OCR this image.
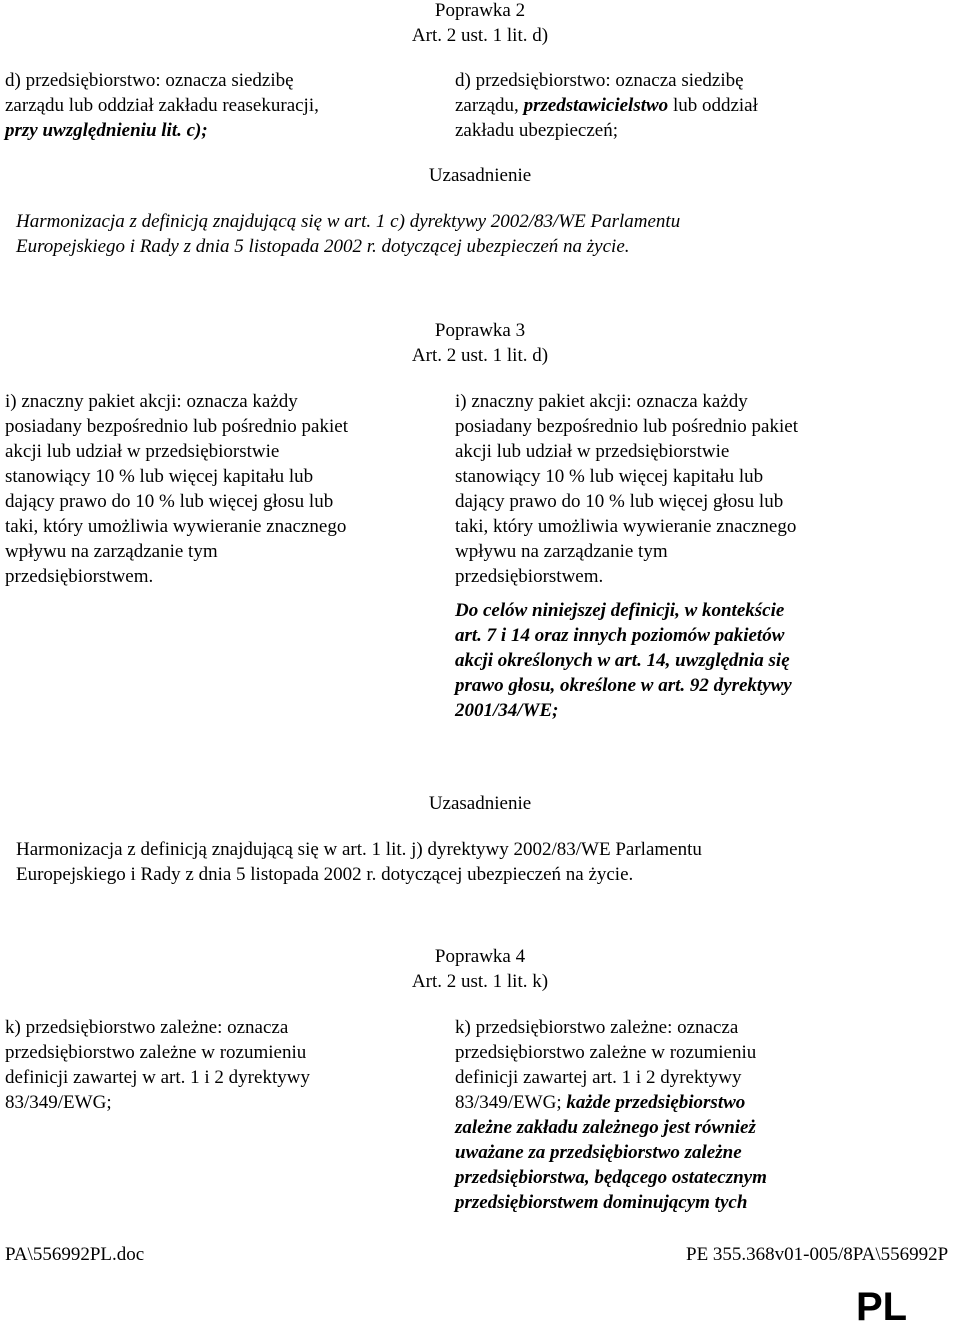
Poprawka 2

Art. 2 ust. 1 lit. d)

d) przedsiębiorstwo: oznacza siedzibę

zarządu lub oddział zakładu reasekuracji,

przy uwzględnieniu lit. c);

d) przedsiębiorstwo: oznacza siedzibę

zarządu, przedstawicielstwo lub oddział

zakładu ubezpieczeń;

Uzasadnienie

Harmonizacja z definicją znajdującą się w art. 1 c) dyrektywy 2002/83/WE Parlamentu

Europejskiego i Rady z dnia 5 listopada 2002 r. dotyczącej ubezpieczeń na życie.

Poprawka 3

Art. 2 ust. 1 lit. d)

i) znaczny pakiet akcji: oznacza każdy

posiadany bezpośrednio lub pośrednio pakiet

akcji lub udział w przedsiębiorstwie

stanowiący 10 % lub więcej kapitału lub

dający prawo do 10 % lub więcej głosu lub

taki, który umożliwia wywieranie znacznego

wpływu na zarządzanie tym

przedsiębiorstwem.

i) znaczny pakiet akcji: oznacza każdy

posiadany bezpośrednio lub pośrednio pakiet

akcji lub udział w przedsiębiorstwie

stanowiący 10 % lub więcej kapitału lub

dający prawo do 10 % lub więcej głosu lub

taki, który umożliwia wywieranie znacznego

wpływu na zarządzanie tym

przedsiębiorstwem.

Do celów niniejszej definicji, w kontekście

art. 7 i 14 oraz innych poziomów pakietów

akcji określonych w art. 14, uwzględnia się

prawo głosu, określone w art. 92 dyrektywy

2001/34/WE;

Uzasadnienie

Harmonizacja z definicją znajdującą się w art. 1 lit. j) dyrektywy 2002/83/WE Parlamentu

Europejskiego i Rady z dnia 5 listopada 2002 r. dotyczącej ubezpieczeń na życie.

Poprawka 4

Art. 2 ust. 1 lit. k)

k) przedsiębiorstwo zależne: oznacza

przedsiębiorstwo zależne w rozumieniu

definicji zawartej w art. 1 i 2 dyrektywy

83/349/EWG;

k) przedsiębiorstwo zależne: oznacza

przedsiębiorstwo zależne w rozumieniu

definicji zawartej art. 1 i 2 dyrektywy

83/349/EWG; każde przedsiębiorstwo

zależne zakładu zależnego jest również

uważane za przedsiębiorstwo zależne

przedsiębiorstwa, będącego ostatecznym

przedsiębiorstwem dominującym tych

PA\556992PL.doc	PE 355.368v01-005/8PA\556992P
PL
